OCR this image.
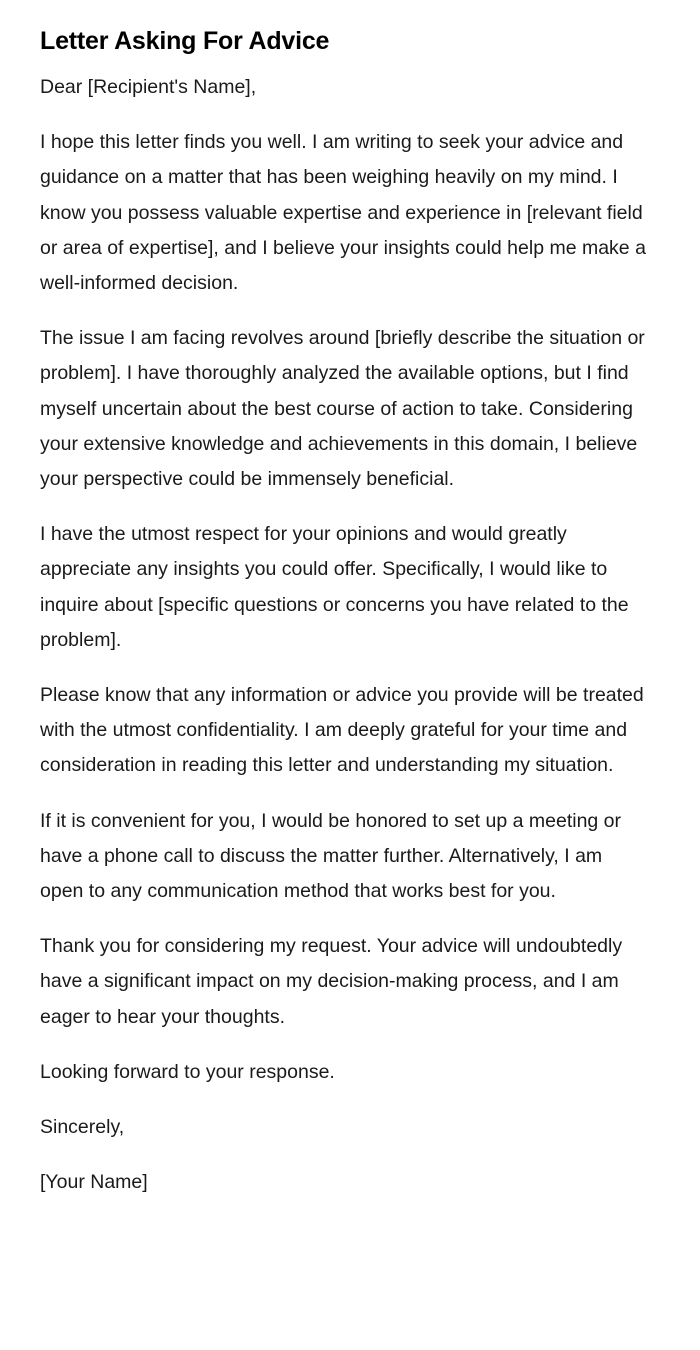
Letter Asking For Advice

Dear [Recipient's Name],

I hope this letter finds you well. I am writing to seek your advice and guidance on a matter that has been weighing heavily on my mind. I know you possess valuable expertise and experience in [relevant field or area of expertise], and I believe your insights could help me make a well-informed decision.

The issue I am facing revolves around [briefly describe the situation or problem]. I have thoroughly analyzed the available options, but I find myself uncertain about the best course of action to take. Considering your extensive knowledge and achievements in this domain, I believe your perspective could be immensely beneficial.

I have the utmost respect for your opinions and would greatly appreciate any insights you could offer. Specifically, I would like to inquire about [specific questions or concerns you have related to the problem].

Please know that any information or advice you provide will be treated with the utmost confidentiality. I am deeply grateful for your time and consideration in reading this letter and understanding my situation.

If it is convenient for you, I would be honored to set up a meeting or have a phone call to discuss the matter further. Alternatively, I am open to any communication method that works best for you.

Thank you for considering my request. Your advice will undoubtedly have a significant impact on my decision-making process, and I am eager to hear your thoughts.

Looking forward to your response.

Sincerely,

[Your Name]
